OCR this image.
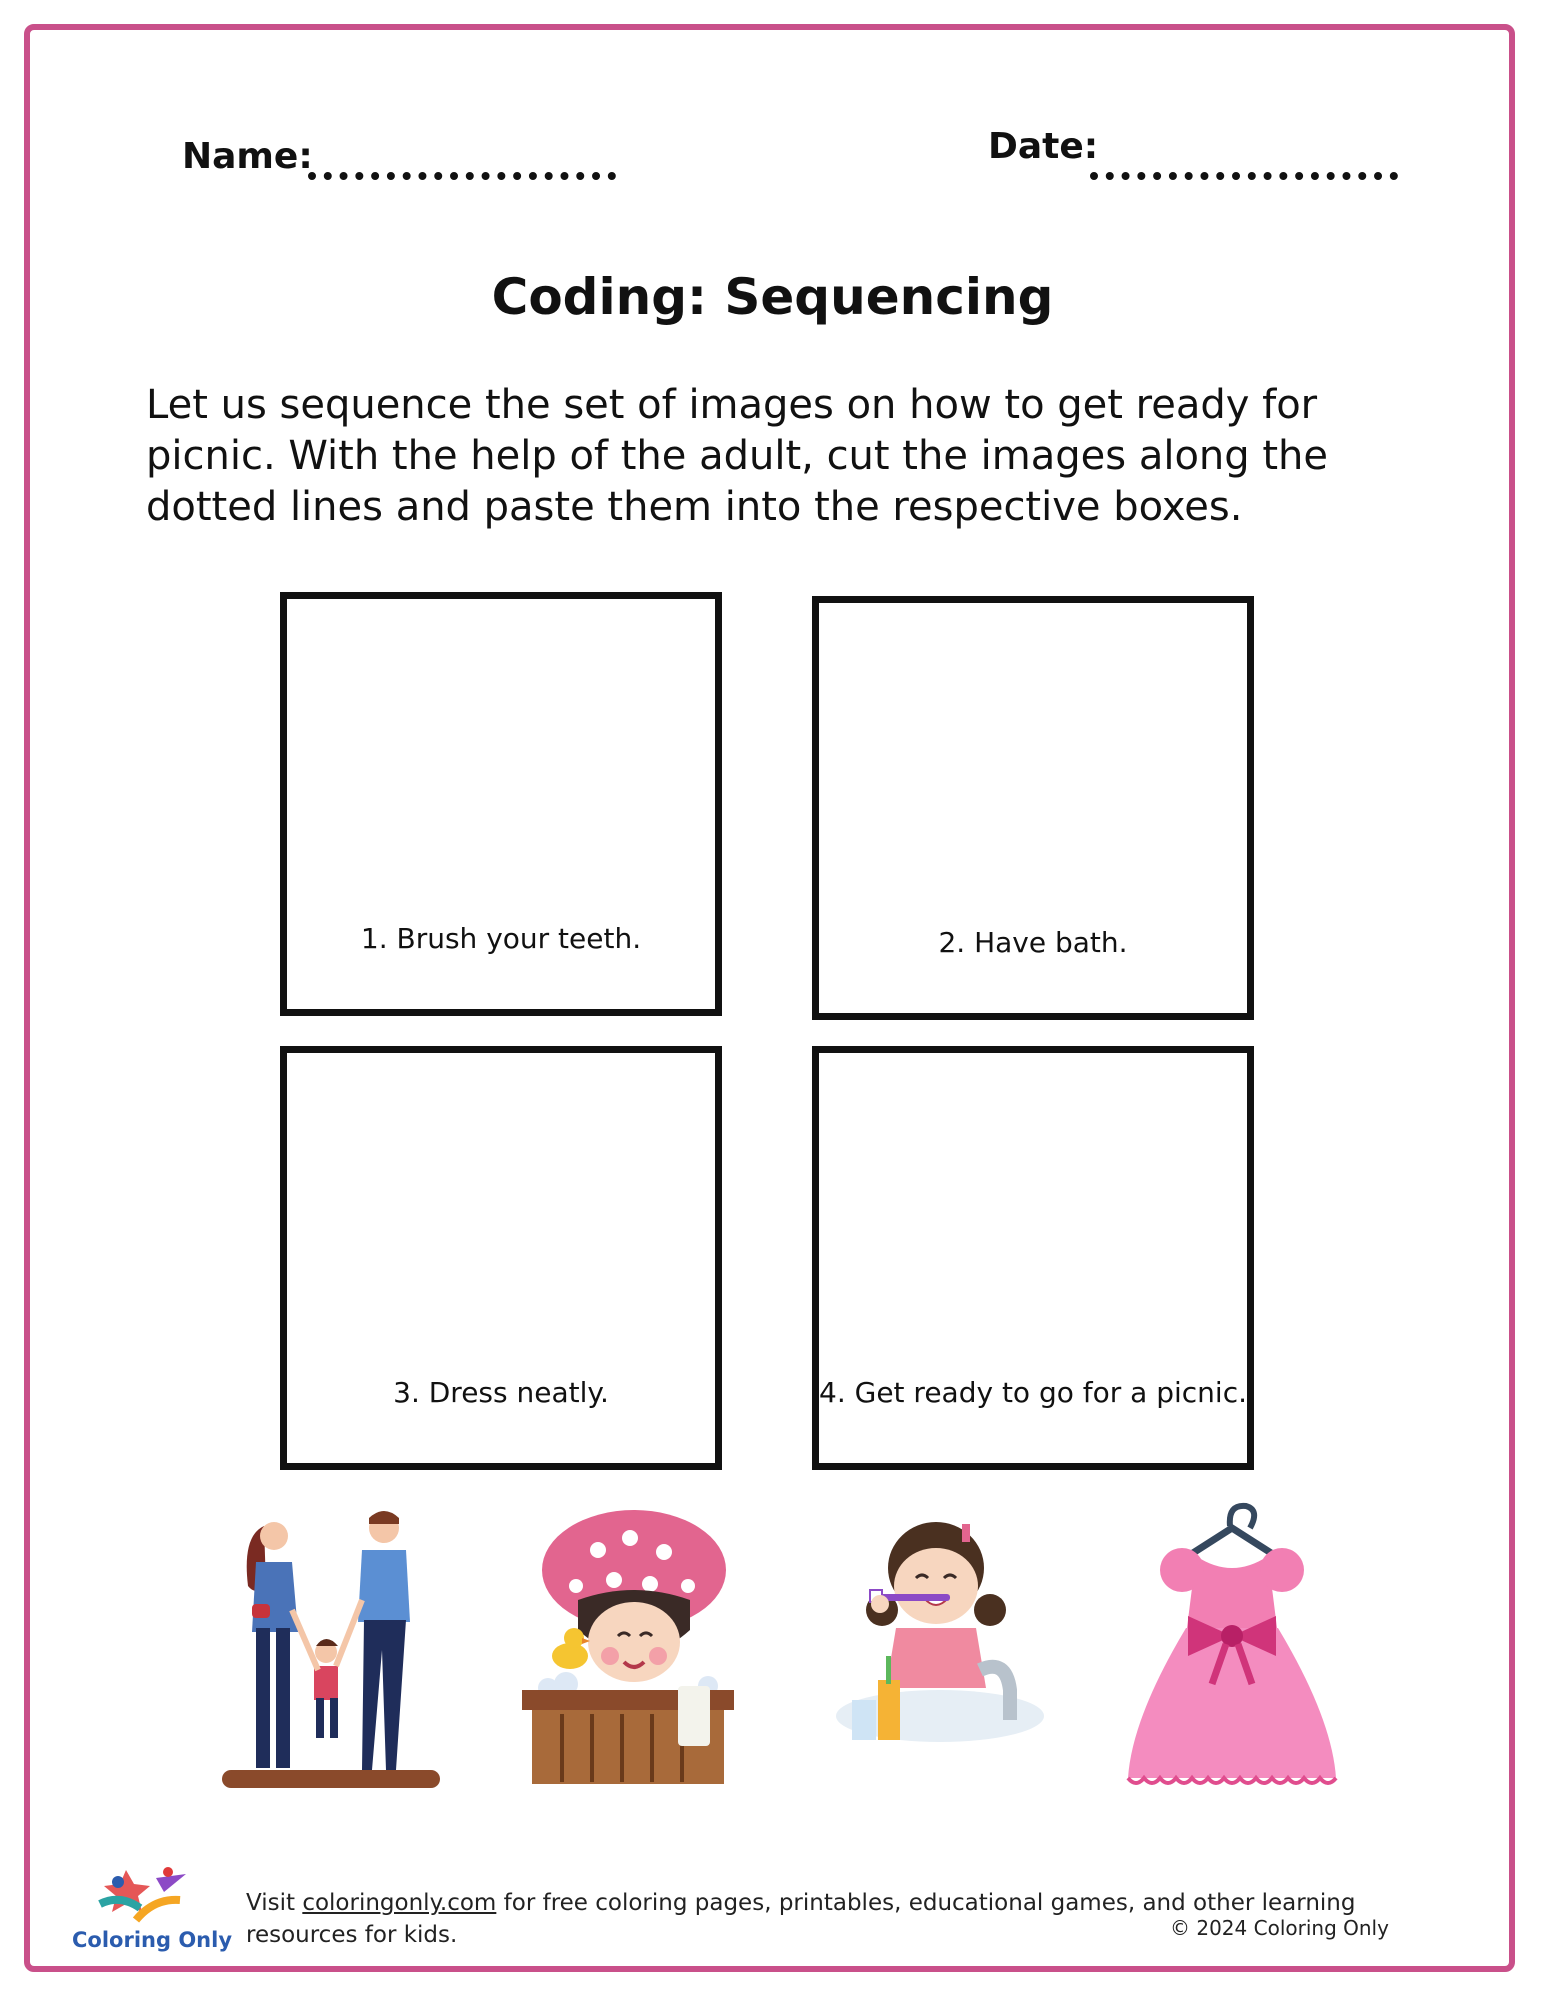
Name:	Date:
Coding: Sequencing

Let us sequence the set of images on how to get ready for picnic. With the help of the adult, cut the images along the dotted lines and paste them into the respective boxes.

1. Brush your teeth.	2. Have bath.
3. Dress neatly.	4. Get ready to go for a picnic.
Coloring Only
Visit coloringonly.com for free coloring pages, printables, educational games, and other learning resources for kids.	© 2024 Coloring Only
